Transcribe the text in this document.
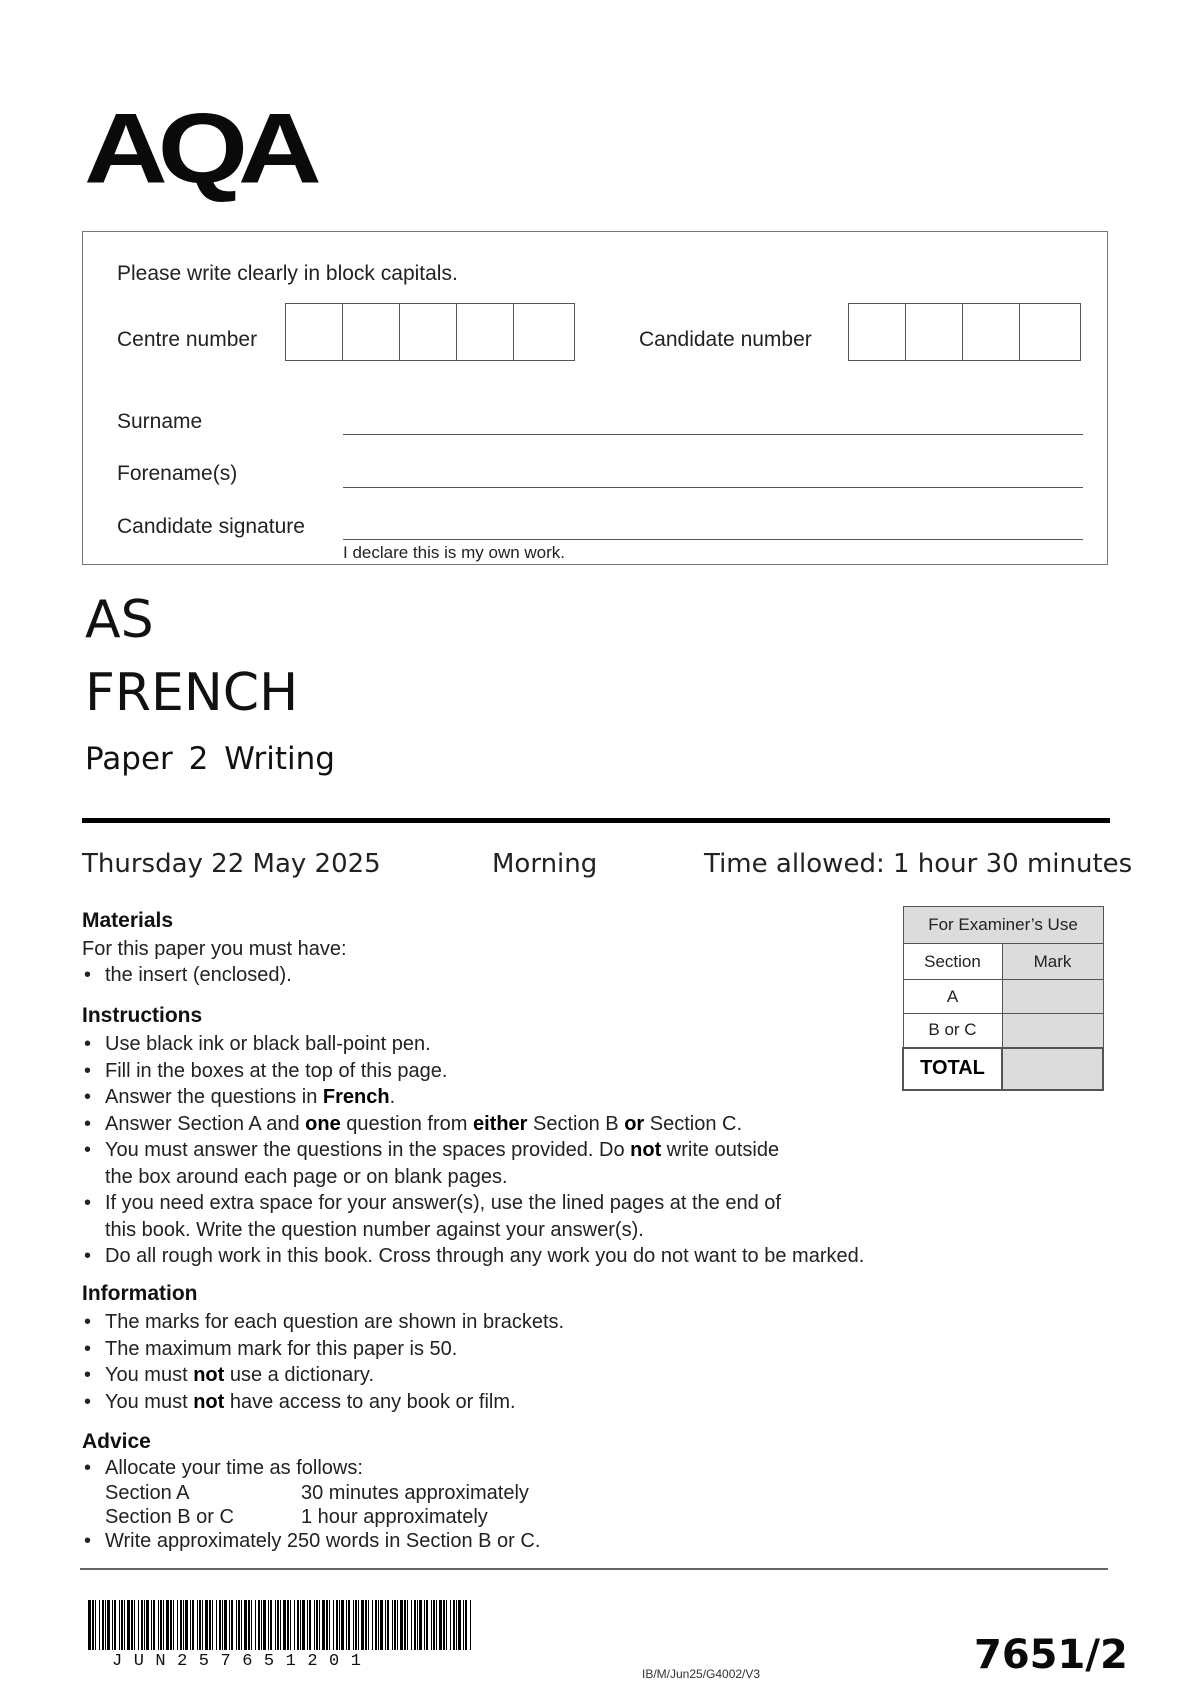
AQA
Please write clearly in block capitals.
Centre number	Candidate number
Surname
Forename(s)
Candidate signature
I declare this is my own work.
AS
FRENCH
Paper 2 Writing
Thursday 22 May 2025	Morning	Time allowed: 1 hour 30 minutes
Materials
For this paper you must have:
• the insert (enclosed).
Instructions
• Use black ink or black ball-point pen.
• Fill in the boxes at the top of this page.
• Answer the questions in French.
• Answer Section A and one question from either Section B or Section C.
• You must answer the questions in the spaces provided. Do not write outside
the box around each page or on blank pages.
• If you need extra space for your answer(s), use the lined pages at the end of
this book. Write the question number against your answer(s).
• Do all rough work in this book. Cross through any work you do not want to be marked.
Information
• The marks for each question are shown in brackets.
• The maximum mark for this paper is 50.
• You must not use a dictionary.
• You must not have access to any book or film.
Advice
• Allocate your time as follows:
Section A	30 minutes approximately
Section B or C	1 hour approximately
• Write approximately 250 words in Section B or C.
For Examiner’s Use	
Section	Mark
A	
B or C	
TOTAL	
JUN257651201
IB/M/Jun25/G4002/V3	7651/2
